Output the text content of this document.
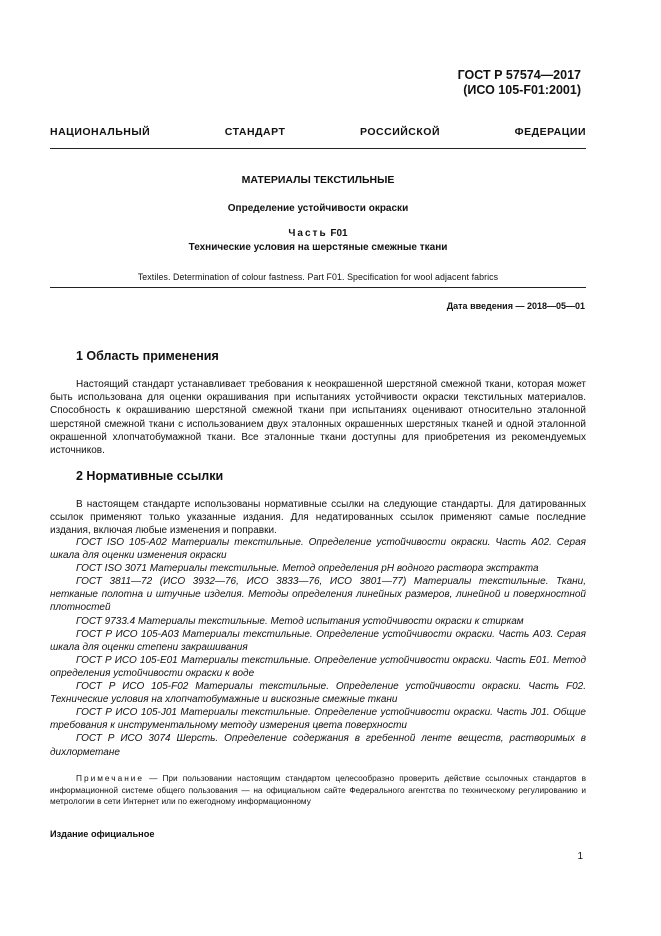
ГОСТ Р 57574—2017
(ИСО 105-F01:2001)
НАЦИОНАЛЬНЫЙ СТАНДАРТ РОССИЙСКОЙ ФЕДЕРАЦИИ
МАТЕРИАЛЫ ТЕКСТИЛЬНЫЕ
Определение устойчивости окраски
Часть F01
Технические условия на шерстяные смежные ткани
Textiles. Determination of colour fastness. Part F01. Specification for wool adjacent fabrics
Дата введения — 2018—05—01
1 Область применения

Настоящий стандарт устанавливает требования к неокрашенной шерстяной смежной ткани, которая может быть использована для оценки окрашивания при испытаниях устойчивости окраски текстильных материалов. Способность к окрашиванию шерстяной смежной ткани при испытаниях оценивают относительно эталонной шерстяной смежной ткани с использованием двух эталонных окрашенных шерстяных тканей и одной эталонной окрашенной хлопчатобумажной ткани. Все эталонные ткани доступны для приобретения из рекомендуемых источников.

2 Нормативные ссылки

В настоящем стандарте использованы нормативные ссылки на следующие стандарты. Для датированных ссылок применяют только указанные издания. Для недатированных ссылок применяют самые последние издания, включая любые изменения и поправки.

ГОСТ ISO 105-A02 Материалы текстильные. Определение устойчивости окраски. Часть А02. Серая шкала для оценки изменения окраски

ГОСТ ISO 3071 Материалы текстильные. Метод определения pH водного раствора экстракта

ГОСТ 3811—72 (ИСО 3932—76, ИСО 3833—76, ИСО 3801—77) Материалы текстильные. Ткани, нетканые полотна и штучные изделия. Методы определения линейных размеров, линейной и поверхностной плотностей

ГОСТ 9733.4 Материалы текстильные. Метод испытания устойчивости окраски к стиркам

ГОСТ Р ИСО 105-А03 Материалы текстильные. Определение устойчивости окраски. Часть А03. Серая шкала для оценки степени закрашивания

ГОСТ Р ИСО 105-Е01 Материалы текстильные. Определение устойчивости окраски. Часть Е01. Метод определения устойчивости окраски к воде

ГОСТ Р ИСО 105-F02 Материалы текстильные. Определение устойчивости окраски. Часть F02. Технические условия на хлопчатобумажные и вискозные смежные ткани

ГОСТ Р ИСО 105-J01 Материалы текстильные. Определение устойчивости окраски. Часть J01. Общие требования к инструментальному методу измерения цвета поверхности

ГОСТ Р ИСО 3074 Шерсть. Определение содержания в гребенной ленте веществ, растворимых в дихлорметане

Примечание — При пользовании настоящим стандартом целесообразно проверить действие ссылочных стандартов в информационной системе общего пользования — на официальном сайте Федерального агентства по техническому регулированию и метрологии в сети Интернет или по ежегодному информационному

Издание официальное
1
